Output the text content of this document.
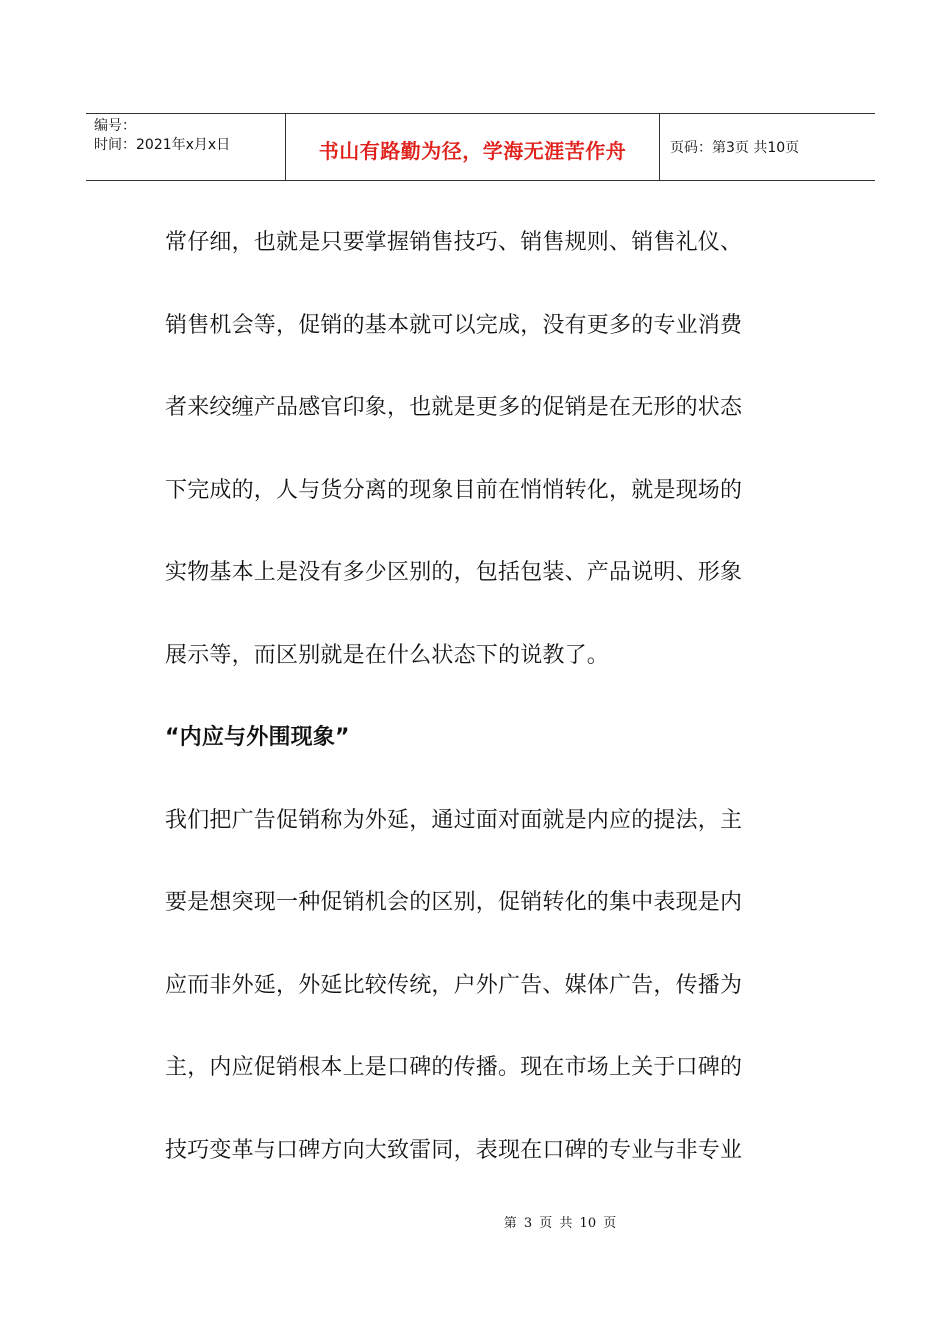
编号：
时间：2021年x月x日	书山有路勤为径，学海无涯苦作舟	页码：第3页 共10页
常仔细，也就是只要掌握销售技巧、销售规则、销售礼仪、
销售机会等，促销的基本就可以完成，没有更多的专业消费
者来绞缠产品感官印象，也就是更多的促销是在无形的状态
下完成的，人与货分离的现象目前在悄悄转化，就是现场的
实物基本上是没有多少区别的，包括包装、产品说明、形象
展示等，而区别就是在什么状态下的说教了。
“内应与外围现象”
我们把广告促销称为外延，通过面对面就是内应的提法，主
要是想突现一种促销机会的区别，促销转化的集中表现是内
应而非外延，外延比较传统，户外广告、媒体广告，传播为
主，内应促销根本上是口碑的传播。现在市场上关于口碑的
技巧变革与口碑方向大致雷同，表现在口碑的专业与非专业
第 3 页 共 10 页
